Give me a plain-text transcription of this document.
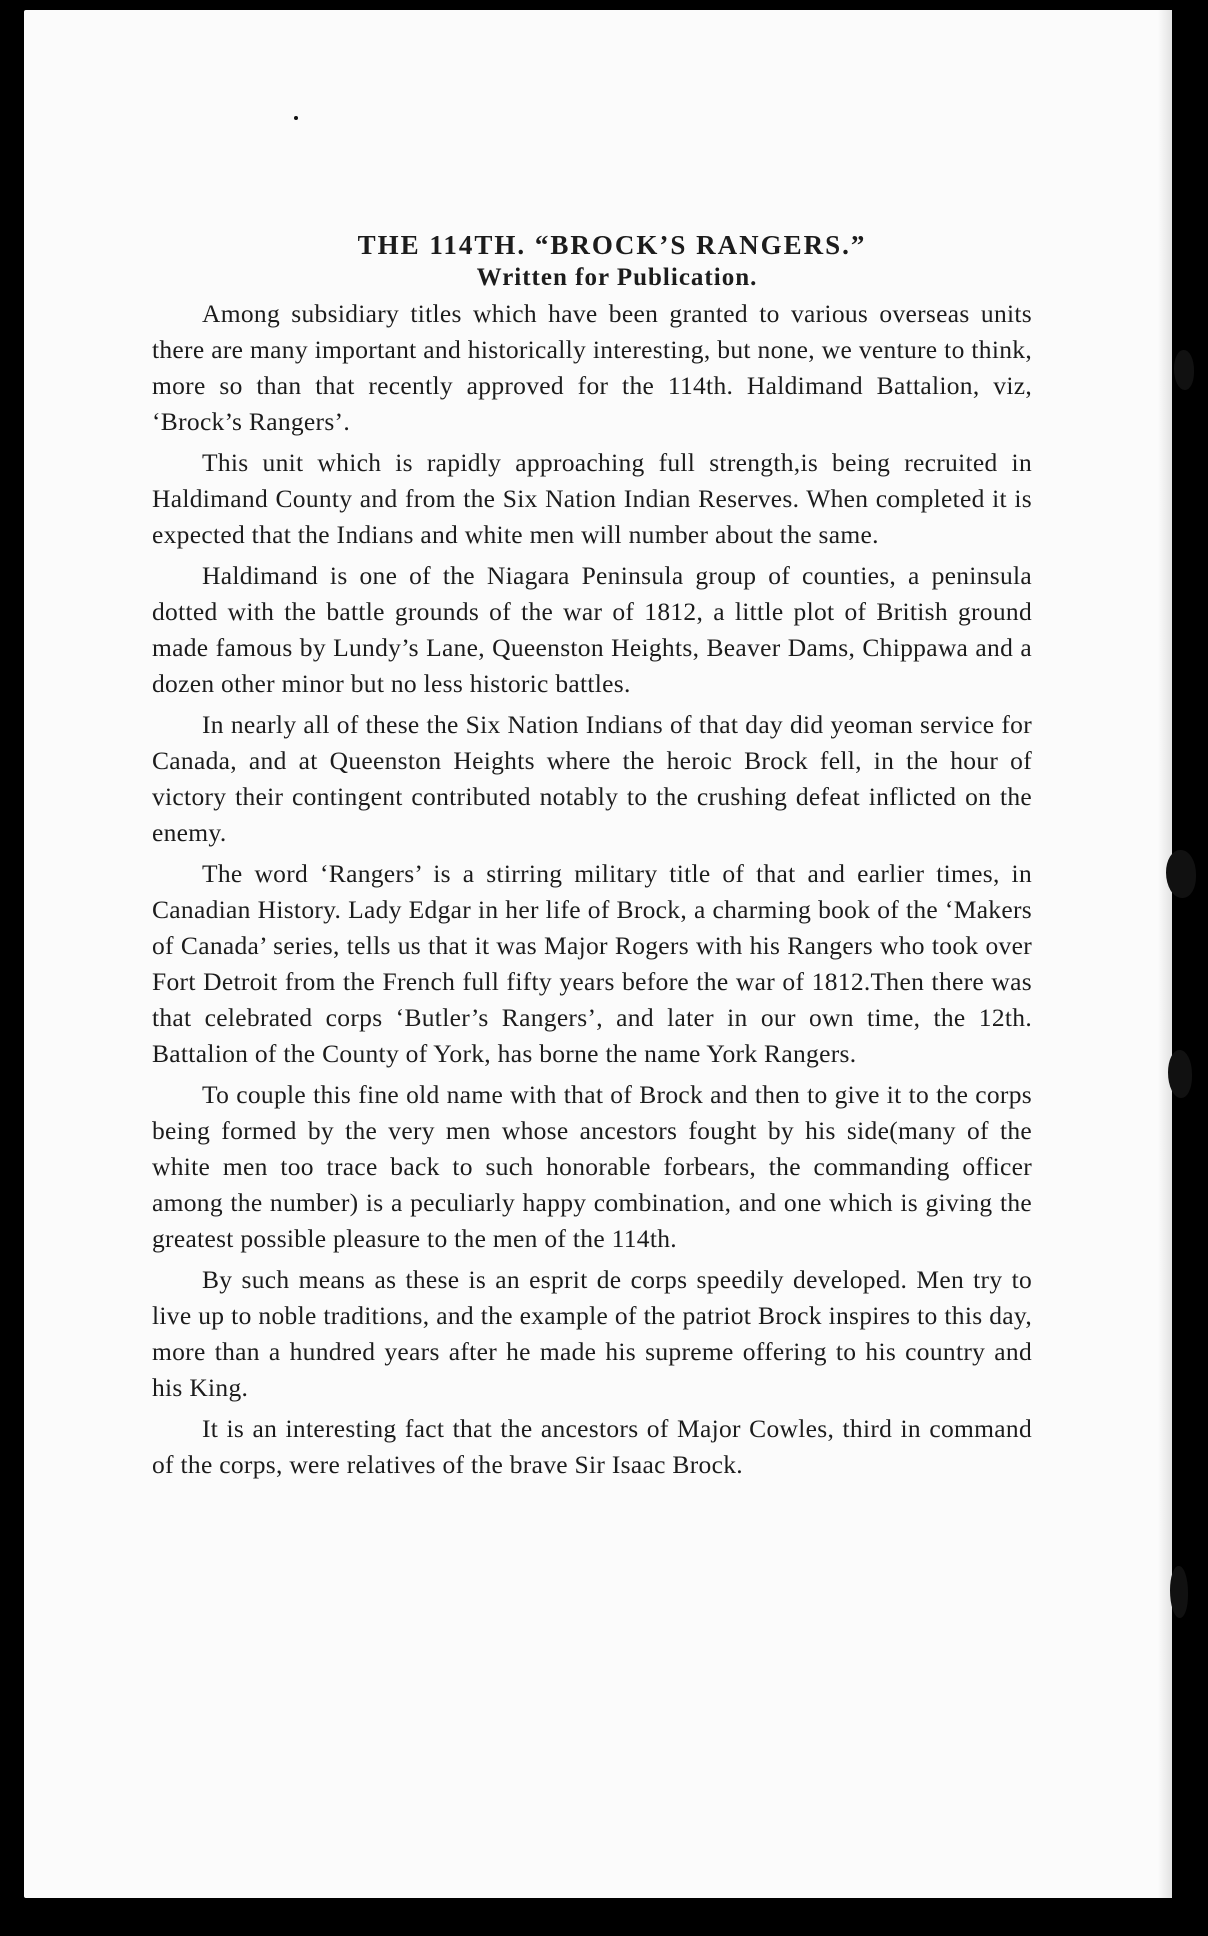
THE 114TH. “BROCK’S RANGERS.”
Written for Publication.

Among subsidiary titles which have been granted to various overseas units there are many important and historically interesting, but none, we venture to think, more so than that recently approved for the 114th. Haldimand Battalion, viz, ‘Brock’s Rangers’.

This unit which is rapidly approaching full strength,is being recruited in Haldimand County and from the Six Nation Indian Reserves. When completed it is expected that the Indians and white men will number about the same.

Haldimand is one of the Niagara Peninsula group of counties, a peninsula dotted with the battle grounds of the war of 1812, a little plot of British ground made famous by Lundy’s Lane, Queenston Heights, Beaver Dams, Chippawa and a dozen other minor but no less historic battles.

In nearly all of these the Six Nation Indians of that day did yeoman service for Canada, and at Queenston Heights where the heroic Brock fell, in the hour of victory their contingent contributed notably to the crushing defeat inflicted on the enemy.

The word ‘Rangers’ is a stirring military title of that and earlier times, in Canadian History. Lady Edgar in her life of Brock, a charming book of the ‘Makers of Canada’ series, tells us that it was Major Rogers with his Rangers who took over Fort Detroit from the French full fifty years before the war of 1812.Then there was that celebrated corps ‘Butler’s Rangers’, and later in our own time, the 12th. Battalion of the County of York, has borne the name York Rangers.

To couple this fine old name with that of Brock and then to give it to the corps being formed by the very men whose ancestors fought by his side(many of the white men too trace back to such honorable forbears, the commanding officer among the number) is a peculiarly happy combination, and one which is giving the greatest possible pleasure to the men of the 114th.

By such means as these is an esprit de corps speedily developed. Men try to live up to noble traditions, and the example of the patriot Brock inspires to this day, more than a hundred years after he made his supreme offering to his country and his King.

It is an interesting fact that the ancestors of Major Cowles, third in command of the corps, were relatives of the brave Sir Isaac Brock.
